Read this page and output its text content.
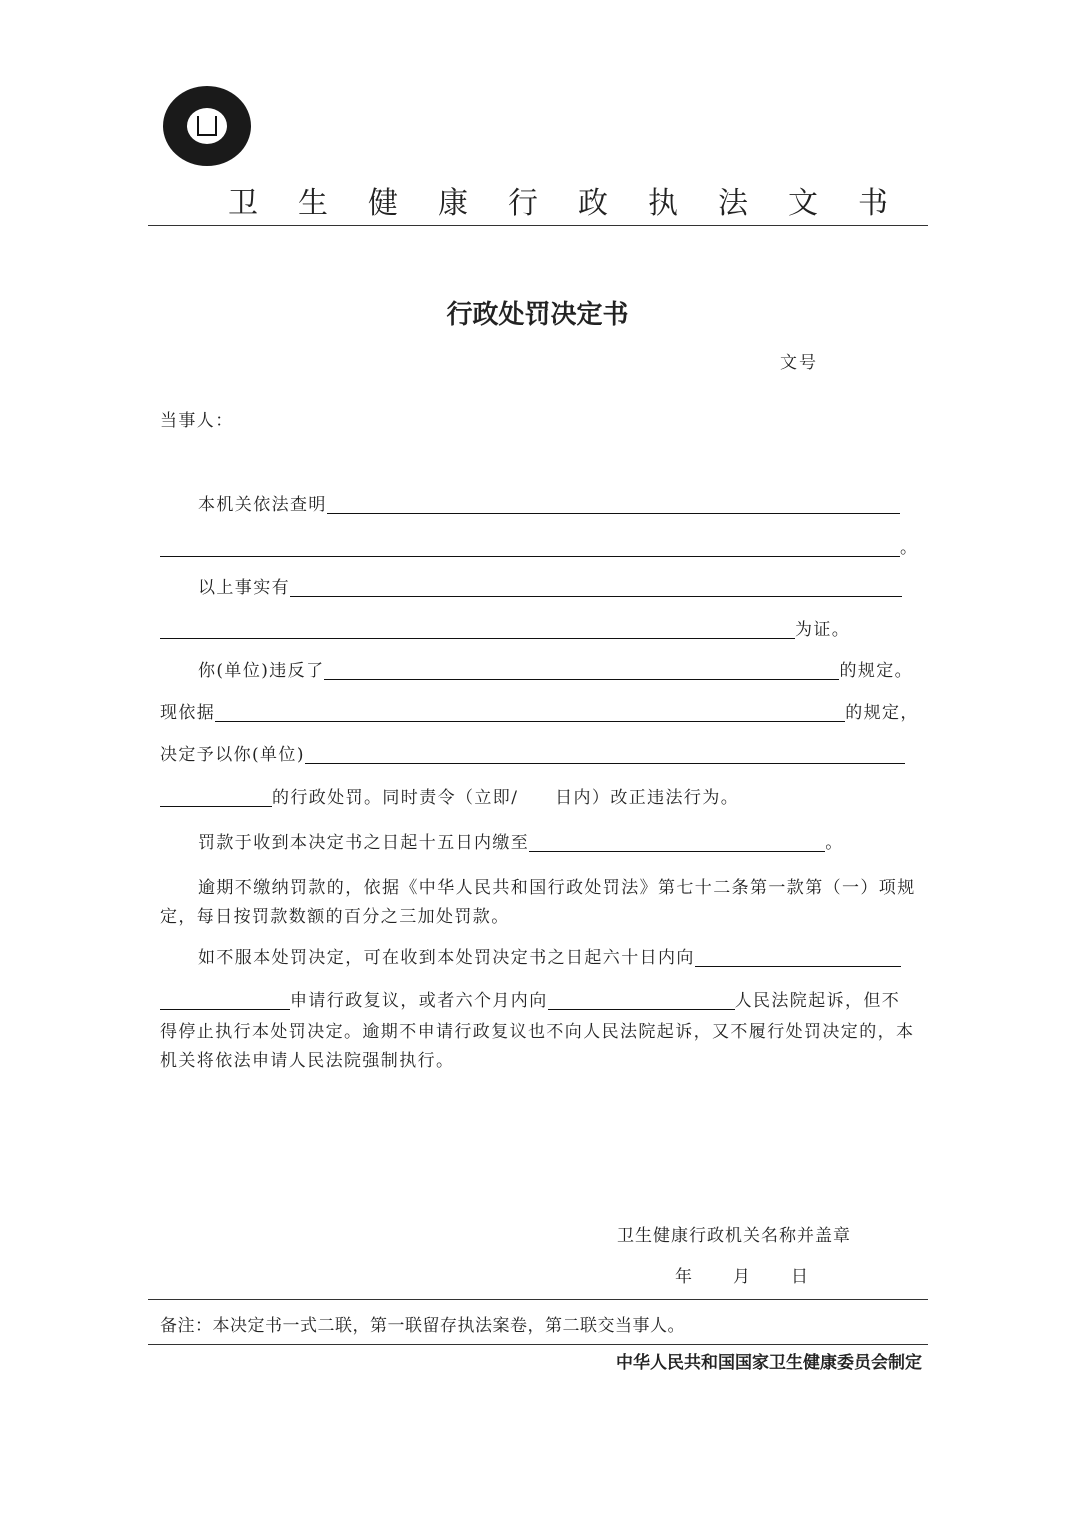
卫生健康行政执法文书
行政处罚决定书
文号
当事人：
本机关依法查明
。
以上事实有
为证。
你(单位)违反了	的规定。
现依据	的规定，
决定予以你(单位)
的行政处罚。同时责令（立即/　　日内）改正违法行为。
罚款于收到本决定书之日起十五日内缴至	。
逾期不缴纳罚款的，依据《中华人民共和国行政处罚法》第七十二条第一款第（一）项规定，每日按罚款数额的百分之三加处罚款。
如不服本处罚决定，可在收到本处罚决定书之日起六十日内向
申请行政复议，或者六个月内向	人民法院起诉，但不
得停止执行本处罚决定。逾期不申请行政复议也不向人民法院起诉，又不履行处罚决定的，本机关将依法申请人民法院强制执行。
卫生健康行政机关名称并盖章
年 月 日
备注：本决定书一式二联，第一联留存执法案卷，第二联交当事人。
中华人民共和国国家卫生健康委员会制定
